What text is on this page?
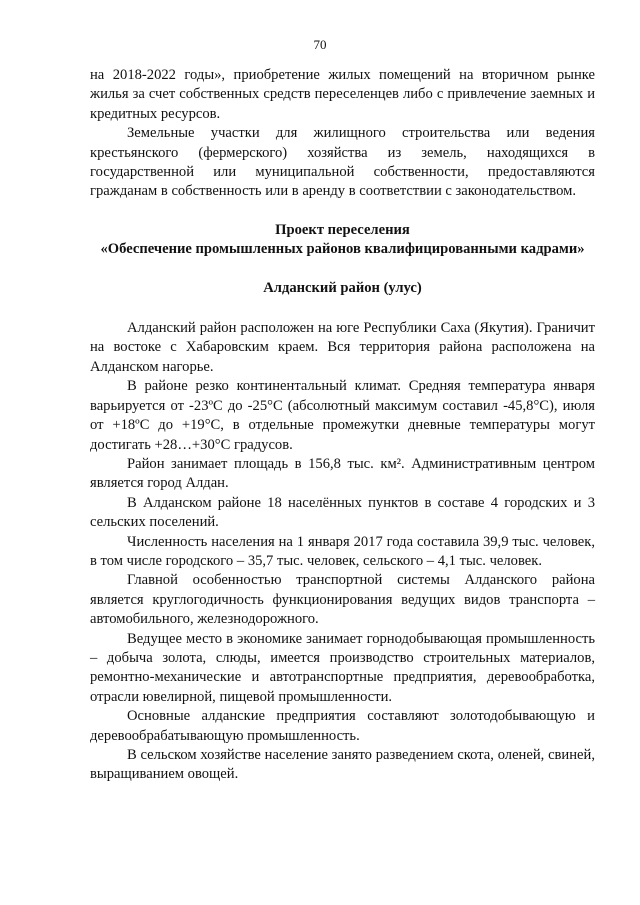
70

на 2018-2022 годы», приобретение жилых помещений на вторичном рынке жилья за счет собственных средств переселенцев либо с привлечение заемных и кредитных ресурсов.

Земельные участки для жилищного строительства или ведения крестьянского (фермерского) хозяйства из земель, находящихся в государственной или муниципальной собственности, предоставляются гражданам в собственность или в аренду в соответствии с законодательством.

Проект переселения

«Обеспечение промышленных районов квалифицированными кадрами»

Алданский район (улус)

Алданский район расположен на юге Республики Саха (Якутия). Граничит на востоке с Хабаровским краем. Вся территория района расположена на Алданском нагорье.

В районе резко континентальный климат. Средняя температура января варьируется от -23ºС до -25°С (абсолютный максимум составил -45,8°С), июля от +18ºС до +19°С, в отдельные промежутки дневные температуры могут достигать +28…+30°С градусов.

Район занимает площадь в 156,8 тыс. км². Административным центром является город Алдан.

В Алданском районе 18 населённых пунктов в составе 4 городских и 3 сельских поселений.

Численность населения на 1 января 2017 года составила 39,9 тыс. человек, в том числе городского – 35,7 тыс. человек, сельского – 4,1 тыс. человек.

Главной особенностью транспортной системы Алданского района является круглогодичность функционирования ведущих видов транспорта – автомобильного, железнодорожного.

Ведущее место в экономике занимает горнодобывающая промышленность – добыча золота, слюды, имеется производство строительных материалов, ремонтно-механические и автотранспортные предприятия, деревообработка, отрасли ювелирной, пищевой промышленности.

Основные алданские предприятия составляют золотодобывающую и деревообрабатывающую промышленность.

В сельском хозяйстве население занято разведением скота, оленей, свиней, выращиванием овощей.
